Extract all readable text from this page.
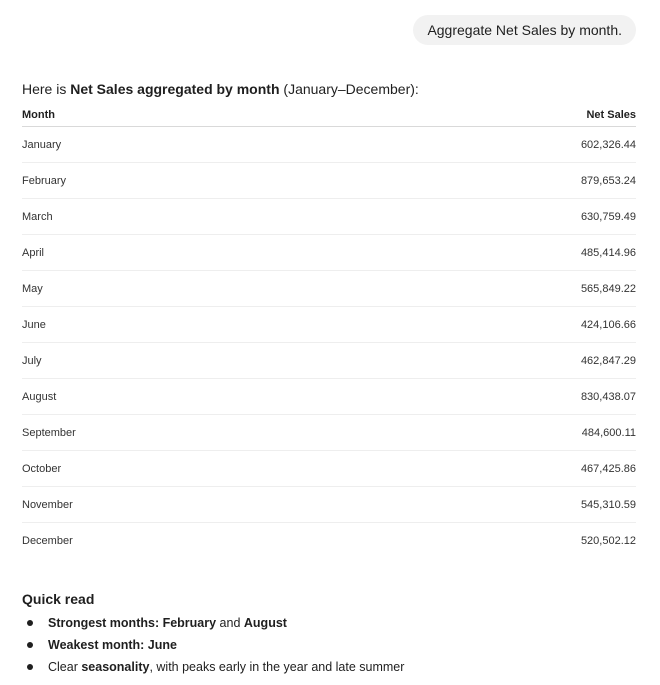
Aggregate Net Sales by month.

Here is Net Sales aggregated by month (January–December):

Month	Net Sales
January	602,326.44
February	879,653.24
March	630,759.49
April	485,414.96
May	565,849.22
June	424,106.66
July	462,847.29
August	830,438.07
September	484,600.11
October	467,425.86
November	545,310.59
December	520,502.12
Quick read
Strongest months: February and August
Weakest month: June
Clear seasonality, with peaks early in the year and late summer
